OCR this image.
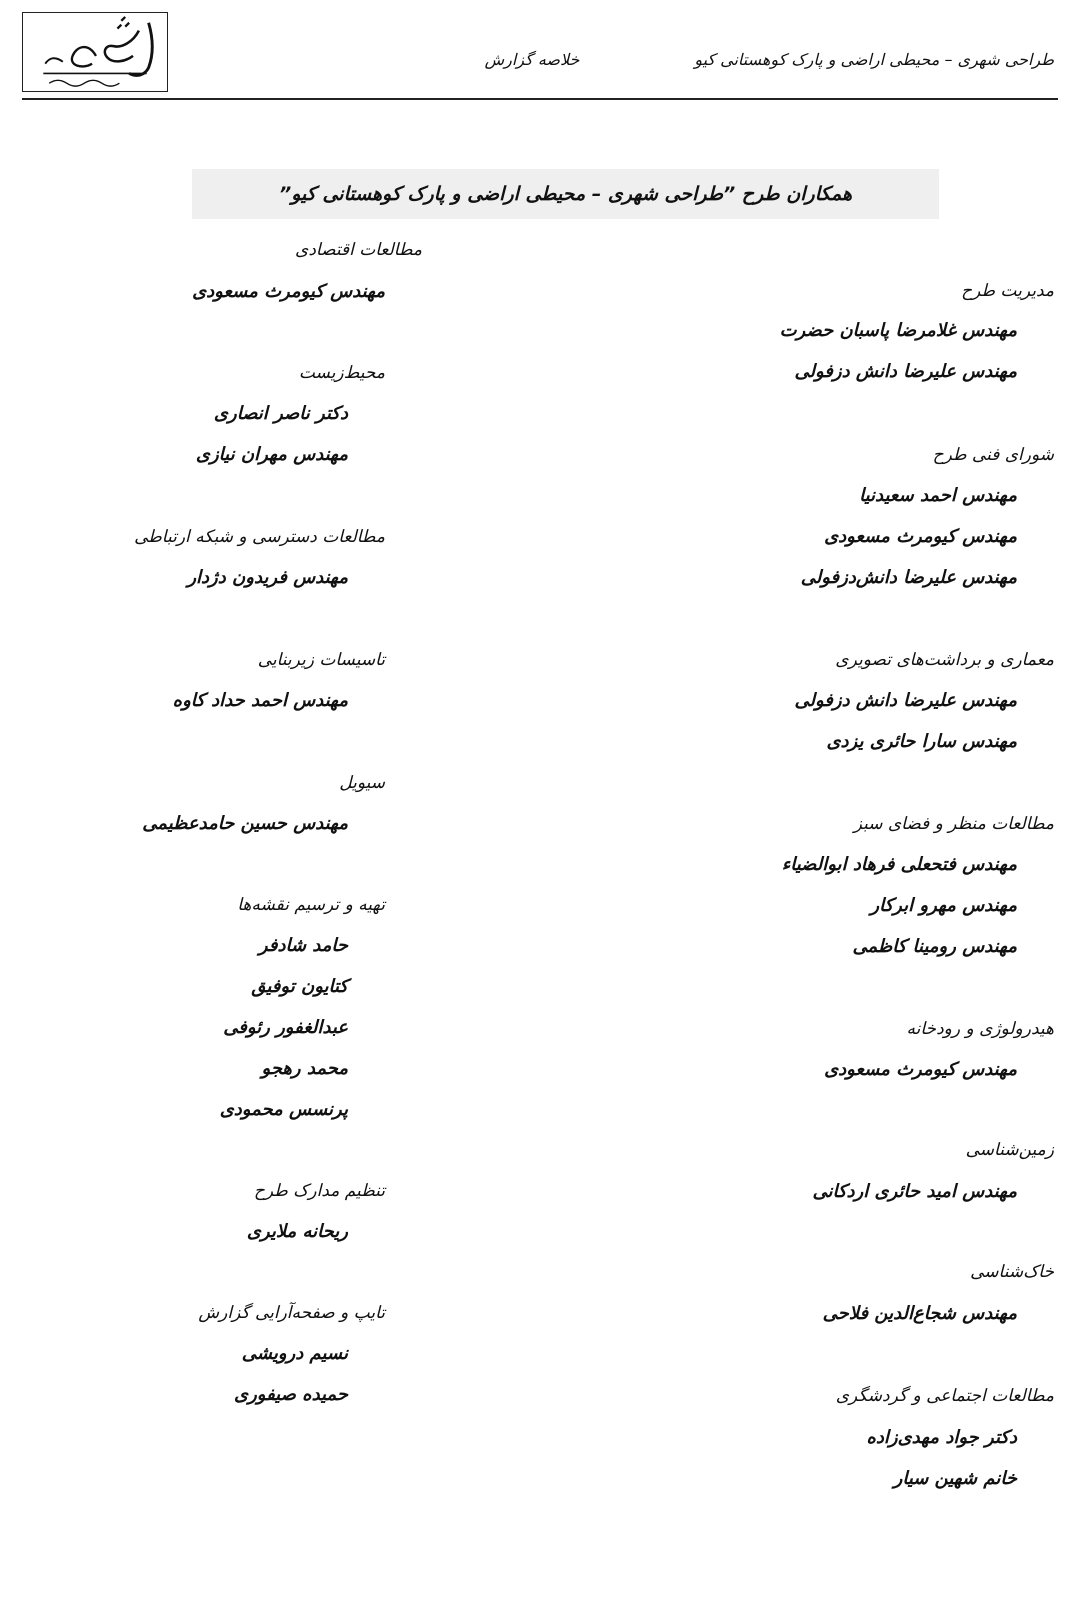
خلاصه گزارش	طراحی شهری – محیطی اراضی و پارک کوهستانی کیو
همکاران طرح ”طراحی شهری – محیطی اراضی و پارک کوهستانی کیو”
مدیریت طرح
مهندس غلامرضا پاسبان حضرت
مهندس علیرضا دانش دزفولی
شورای فنی طرح
مهندس احمد سعیدنیا
مهندس کیومرث مسعودی
مهندس علیرضا دانش‌دزفولی
معماری و برداشت‌های تصویری
مهندس علیرضا دانش دزفولی
مهندس سارا حائری یزدی
مطالعات منظر و فضای سبز
مهندس فتحعلی فرهاد ابوالضیاء
مهندس مهرو ابرکار
مهندس رومینا کاظمی
هیدرولوژی و رودخانه
مهندس کیومرث مسعودی
زمین‌شناسی
مهندس امید حائری اردکانی
خاک‌شناسی
مهندس شجاع‌الدین فلاحی
مطالعات اجتماعی و گردشگری
دکتر جواد مهدی‌زاده
خانم شهین سیار
مطالعات اقتصادی
مهندس کیومرث مسعودی
محیط‌زیست
دکتر ناصر انصاری
مهندس مهران نیازی
مطالعات دسترسی و شبکه ارتباطی
مهندس فریدون دژدار
تاسیسات زیربنایی
مهندس احمد حداد کاوه
سیویل
مهندس حسین حامدعظیمی
تهیه و ترسیم نقشه‌ها
حامد شادفر
کتایون توفیق
عبدالغفور رئوفی
محمد رهجو
پرنسس محمودی
تنظیم مدارک طرح
ریحانه ملایری
تایپ و صفحه‌آرایی گزارش
نسیم درویشی
حمیده صیفوری
